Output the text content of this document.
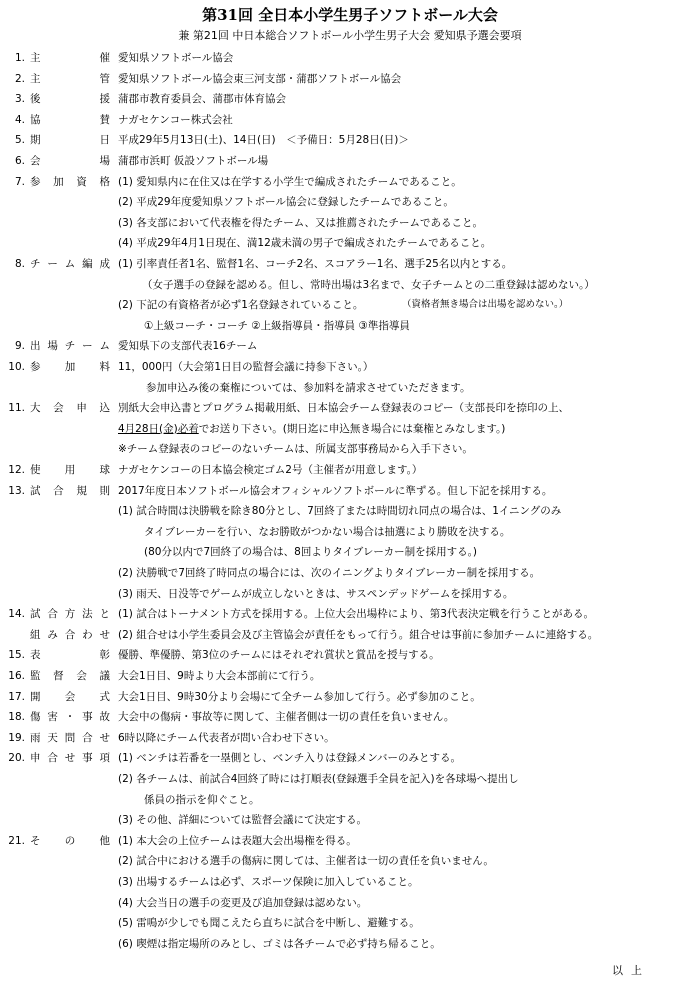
第31回 全日本小学生男子ソフトボール大会
兼 第21回 中日本総合ソフトボール小学生男子大会 愛知県予選会要項
1. 主 催 愛知県ソフトボール協会
2. 主 管 愛知県ソフトボール協会東三河支部・蒲郡ソフトボール協会
3. 後 援 蒲郡市教育委員会、蒲郡市体育協会
4. 協 賛 ナガセケンコー株式会社
5. 期 日 平成29年5月13日(土)、14日(日)　＜予備日：5月28日(日)＞
6. 会 場 蒲郡市浜町 仮設ソフトボール場
7. 参加資格 (1) 愛知県内に在住又は在学する小学生で編成されたチームであること。
(2) 平成29年度愛知県ソフトボール協会に登録したチームであること。
(3) 各支部において代表権を得たチーム、又は推薦されたチームであること。
(4) 平成29年4月1日現在、満12歳未満の男子で編成されたチームであること。
8. チーム編成 (1) 引率責任者1名、監督1名、コーチ2名、スコアラー1名、選手25名以内とする。
（女子選手の登録を認める。但し、常時出場は3名まで、女子チームとの二重登録は認めない。）
(2) 下記の有資格者が必ず1名登録されていること。	（資格者無き場合は出場を認めない。）
①上級コーチ・コーチ ②上級指導員・指導員 ③準指導員
9. 出場チーム 愛知県下の支部代表16チーム
10. 参 加 料 11，000円（大会第1日目の監督会議に持参下さい。）
参加申込み後の棄権については、参加料を請求させていただきます。
11. 大会申込 別紙大会申込書とプログラム掲載用紙、日本協会チーム登録表のコピー（支部長印を捺印の上、
4月28日(金)必着でお送り下さい。(期日迄に申込無き場合には棄権とみなします。)
※チーム登録表のコピーのないチームは、所属支部事務局から入手下さい。
12. 使 用 球 ナガセケンコーの日本協会検定ゴム2号（主催者が用意します。）
13. 試合規則 2017年度日本ソフトボール協会オフィシャルソフトボールに準ずる。但し下記を採用する。
(1) 試合時間は決勝戦を除き80分とし、7回終了または時間切れ同点の場合は、1イニングのみ
タイブレーカーを行い、なお勝敗がつかない場合は抽選により勝敗を決する。
(80分以内で7回終了の場合は、8回よりタイブレーカー制を採用する。)
(2) 決勝戦で7回終了時同点の場合には、次のイニングよりタイブレーカー制を採用する。
(3) 雨天、日没等でゲームが成立しないときは、サスペンデッドゲームを採用する。
14. 試合方法と (1) 試合はトーナメント方式を採用する。上位大会出場枠により、第3代表決定戦を行うことがある。
組み合わせ (2) 組合せは小学生委員会及び主管協会が責任をもって行う。組合せは事前に参加チームに連絡する。
15. 表 彰 優勝、準優勝、第3位のチームにはそれぞれ賞状と賞品を授与する。
16. 監督会議 大会1日目、9時より大会本部前にて行う。
17. 開 会 式 大会1日目、9時30分より会場にて全チーム参加して行う。必ず参加のこと。
18. 傷害・事故 大会中の傷病・事故等に関して、主催者側は一切の責任を負いません。
19. 雨天問合せ 6時以降にチーム代表者が問い合わせ下さい。
20. 申合せ事項 (1) ベンチは若番を一塁側とし、ベンチ入りは登録メンバーのみとする。
(2) 各チームは、前試合4回終了時には打順表(登録選手全員を記入)を各球場へ提出し
係員の指示を仰ぐこと。
(3) その他、詳細については監督会議にて決定する。
21. そ の 他 (1) 本大会の上位チームは表題大会出場権を得る。
(2) 試合中における選手の傷病に関しては、主催者は一切の責任を負いません。
(3) 出場するチームは必ず、スポーツ保険に加入していること。
(4) 大会当日の選手の変更及び追加登録は認めない。
(5) 雷鳴が少しでも聞こえたら直ちに試合を中断し、避難する。
以上
(6) 喫煙は指定場所のみとし、ゴミは各チームで必ず持ち帰ること。
